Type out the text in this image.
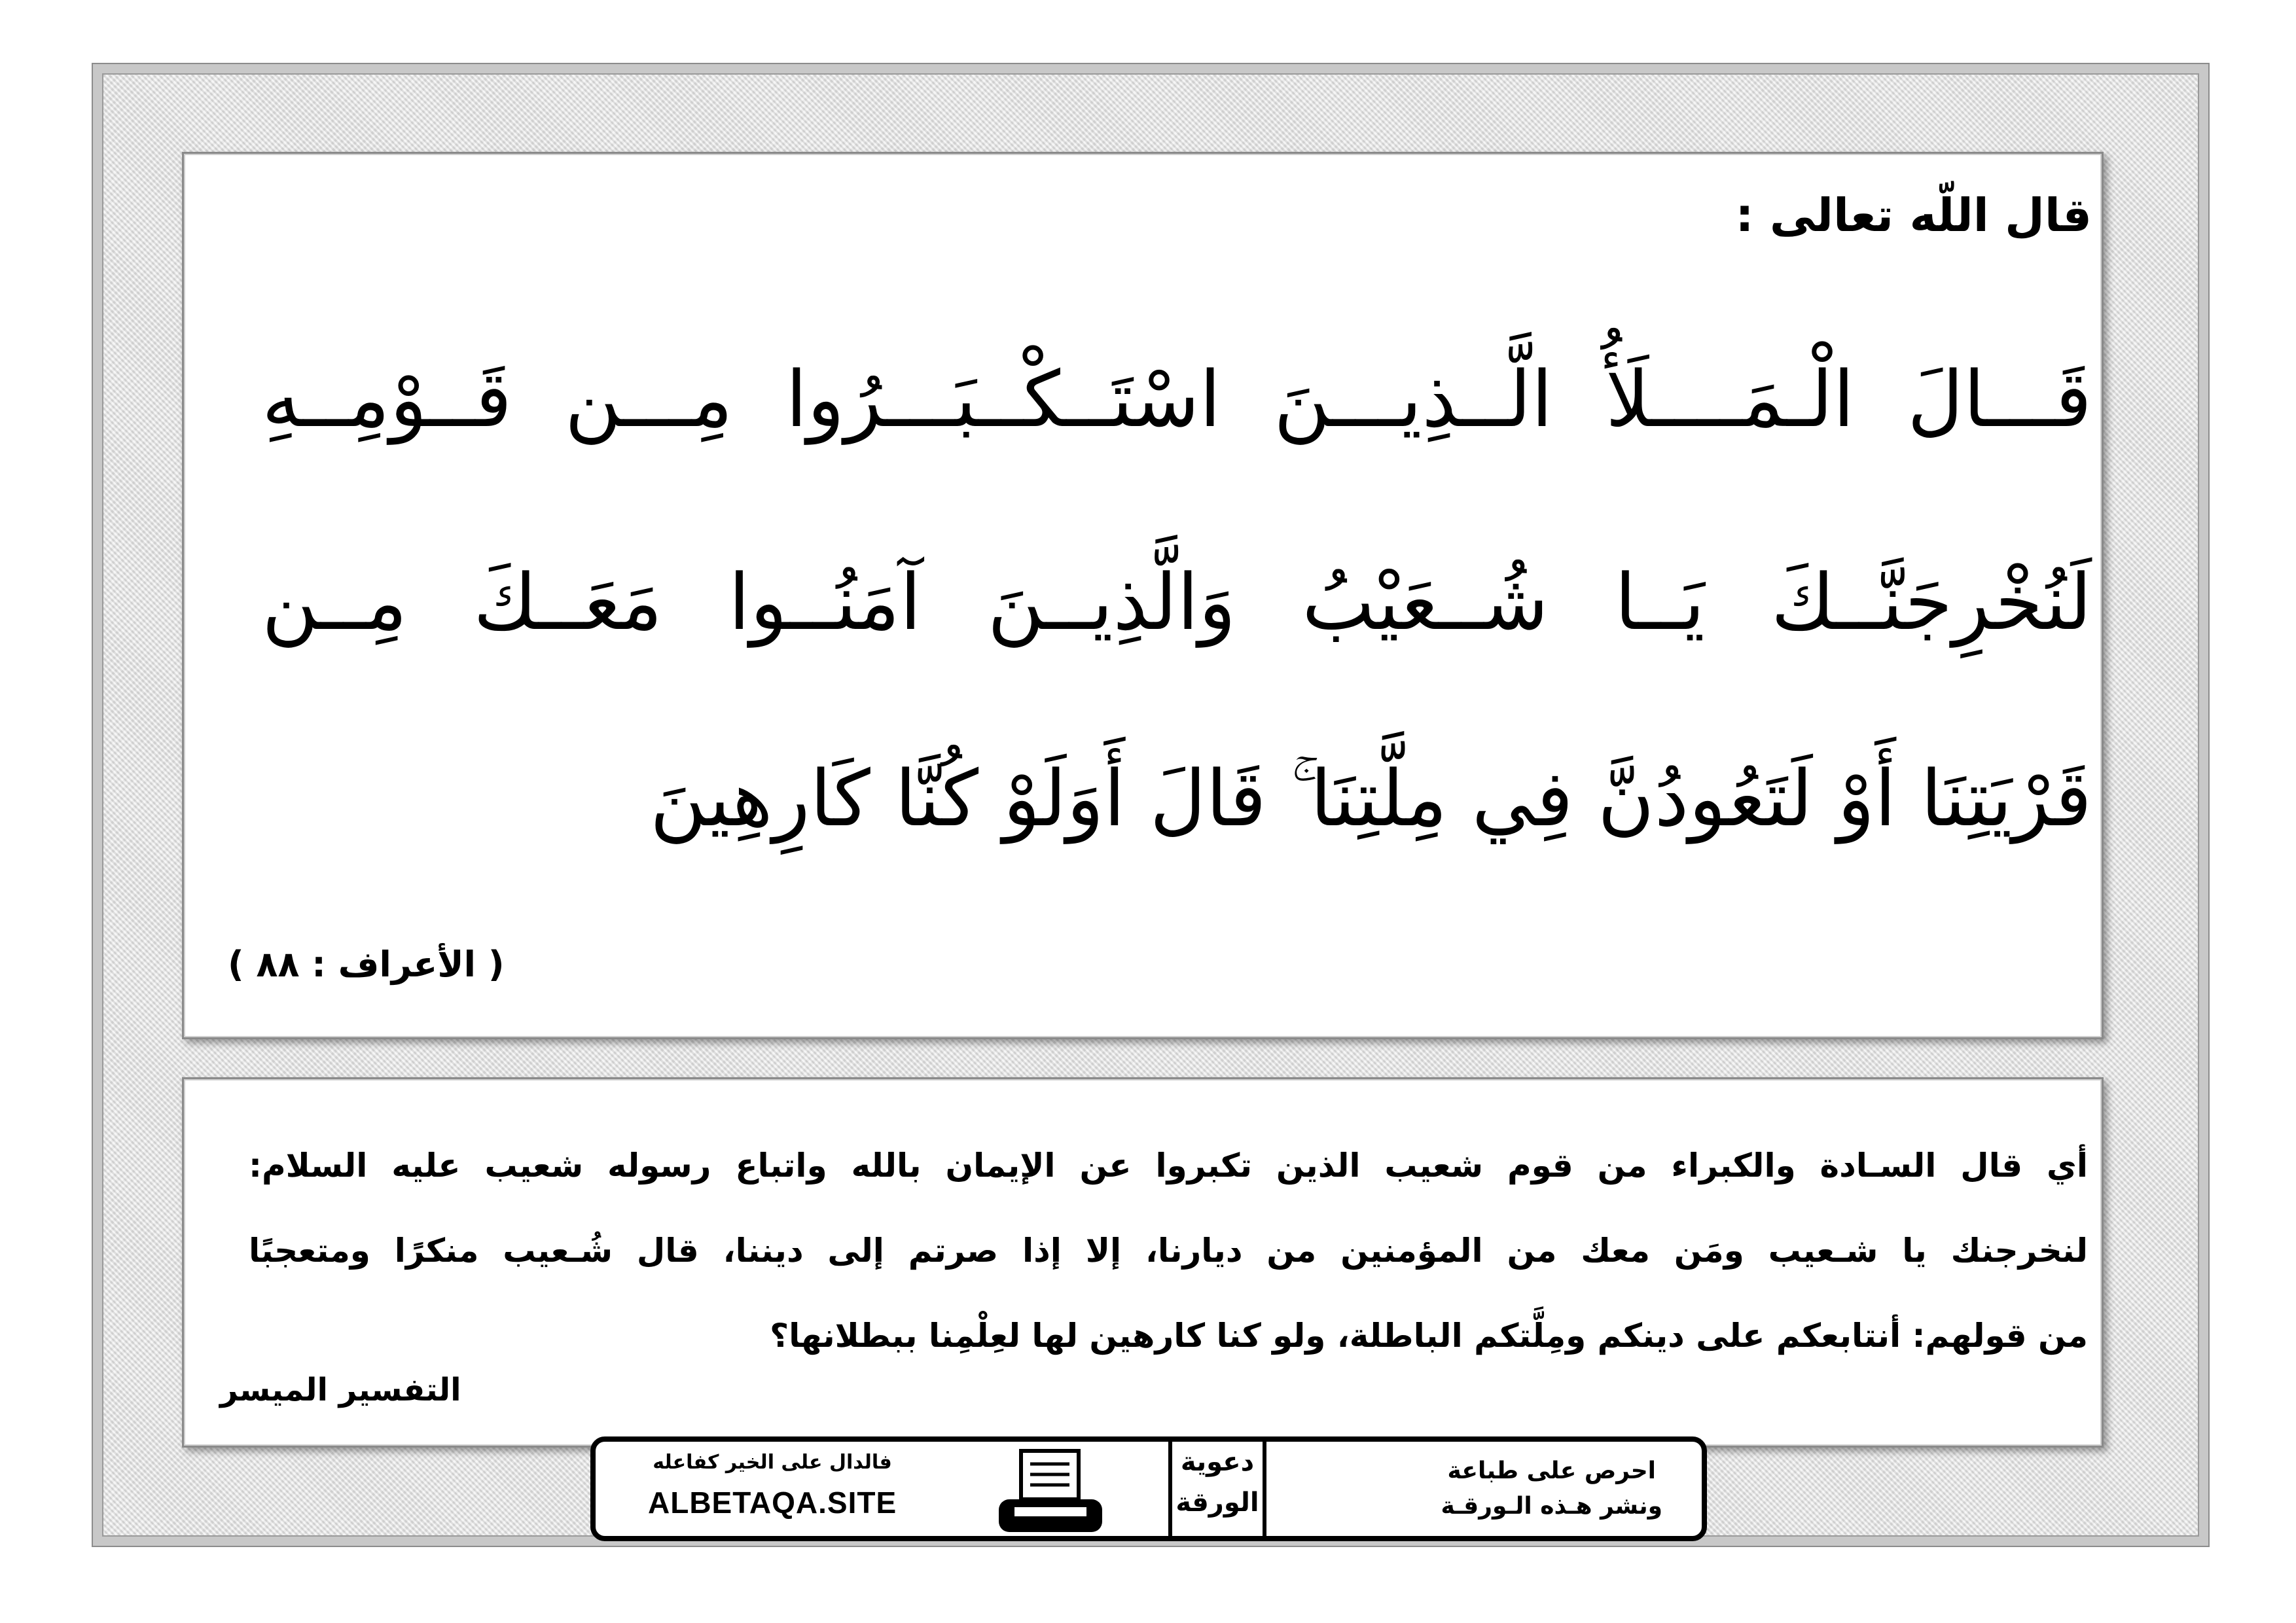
قال اللّه تعالى :
قَـــالَ الْـمَــــلَأُ الَّــذِيـــنَ اسْتَــكْــبَـــرُوا مِـــن قَــوْمِــهِ
لَنُخْرِجَنَّــكَ يَــا شُــعَيْبُ وَالَّذِيــنَ آمَنُــوا مَعَــكَ مِــن
قَرْيَتِنَا أَوْ لَتَعُودُنَّ فِي مِلَّتِنَا ۚ قَالَ أَوَلَوْ كُنَّا كَارِهِينَ
( الأعراف : ٨٨ )
أي قال السـادة والكبراء من قوم شعيب الذين تكبروا عن الإيمان بالله واتباع رسوله شعيب عليه السلام:
لنخرجنك يا شـعيب ومَن معك من المؤمنين من ديارنا، إلا إذا صرتم إلى ديننا، قال شُـعيب منكرًا ومتعجبًا
من قولهم: أنتابعكم على دينكم ومِلَّتكم الباطلة، ولو كنا كارهين لها لعِلْمِنا ببطلانها؟
التفسير الميسر
احرص على طباعة
ونشر هـذه الـورقـة
دعوية
الورقة
فالدال على الخير كفاعله
ALBETAQA.SITE
